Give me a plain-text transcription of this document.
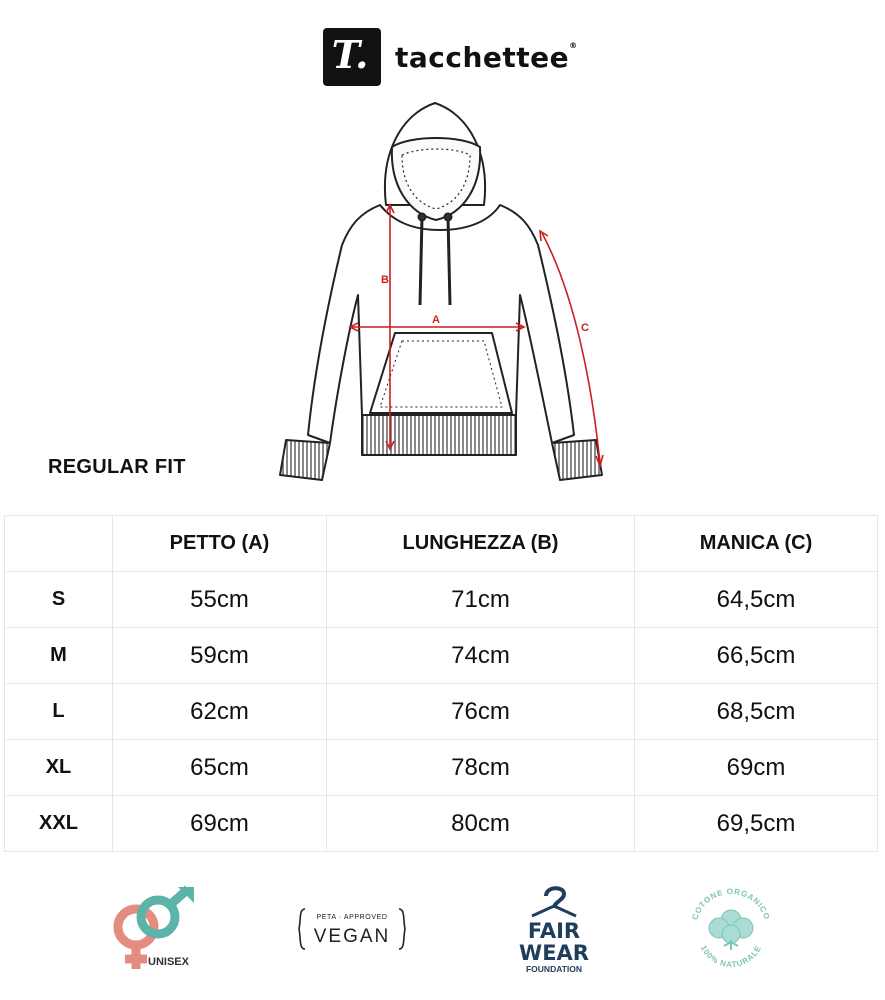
T. tacchettee®
B
A
C
REGULAR FIT
	PETTO (A)	LUNGHEZZA (B)	MANICA (C)
S	55cm	71cm	64,5cm
M	59cm	74cm	66,5cm
L	62cm	76cm	68,5cm
XL	65cm	78cm	69cm
XXL	69cm	80cm	69,5cm
UNISEX
PETA · APPROVED
VEGAN	FAIR
WEAR
FOUNDATION
COTONE ORGANICO
100% NATURALE
